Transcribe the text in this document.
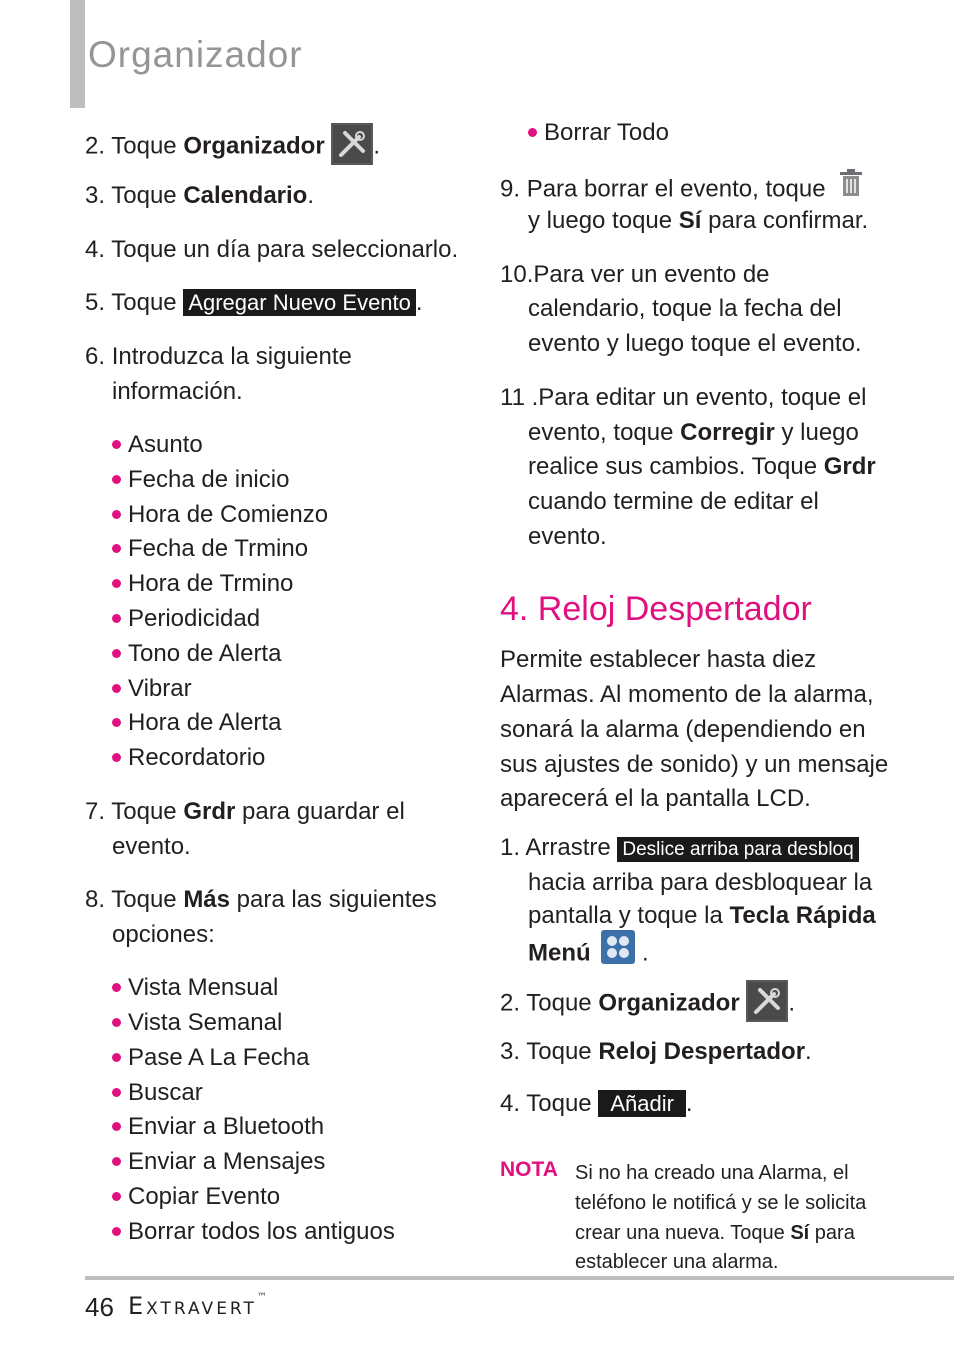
Organizador
2. Toque Organizador .
3. Toque Calendario.
4. Toque un día para seleccionarlo.
5. Toque Agregar Nuevo Evento .
6. Introduzca la siguiente
información.
Asunto
Fecha de inicio
Hora de Comienzo
Fecha de Trmino
Hora de Trmino
Periodicidad
Tono de Alerta
Vibrar
Hora de Alerta
Recordatorio
7. Toque Grdr para guardar el
evento.
8. Toque Más para las siguientes
opciones:
Vista Mensual
Vista Semanal
Pase A La Fecha
Buscar
Enviar a Bluetooth
Enviar a Mensajes
Copiar Evento
Borrar todos los antiguos
Borrar Todo
9. Para borrar el evento, toque
y luego toque Sí para confirmar.
10.Para ver un evento de
calendario, toque la fecha del
evento y luego toque el evento.
11 .Para editar un evento, toque el
evento, toque Corregir y luego
realice sus cambios. Toque Grdr
cuando termine de editar el
evento.
4. Reloj Despertador
Permite establecer hasta diez
Alarmas. Al momento de la alarma,
sonará la alarma (dependiendo en
sus ajustes de sonido) y un mensaje
aparecerá el la pantalla LCD.
1. Arrastre Deslice arriba para desbloq
hacia arriba para desbloquear la
pantalla y toque la Tecla Rápida
Menú .
2. Toque Organizador .
3. Toque Reloj Despertador.
4. Toque Añadir .
NOTA Si no ha creado una Alarma, el
teléfono le notificá y se le solicita
crear una nueva. Toque Sí para
establecer una alarma.
46 Extravert™
